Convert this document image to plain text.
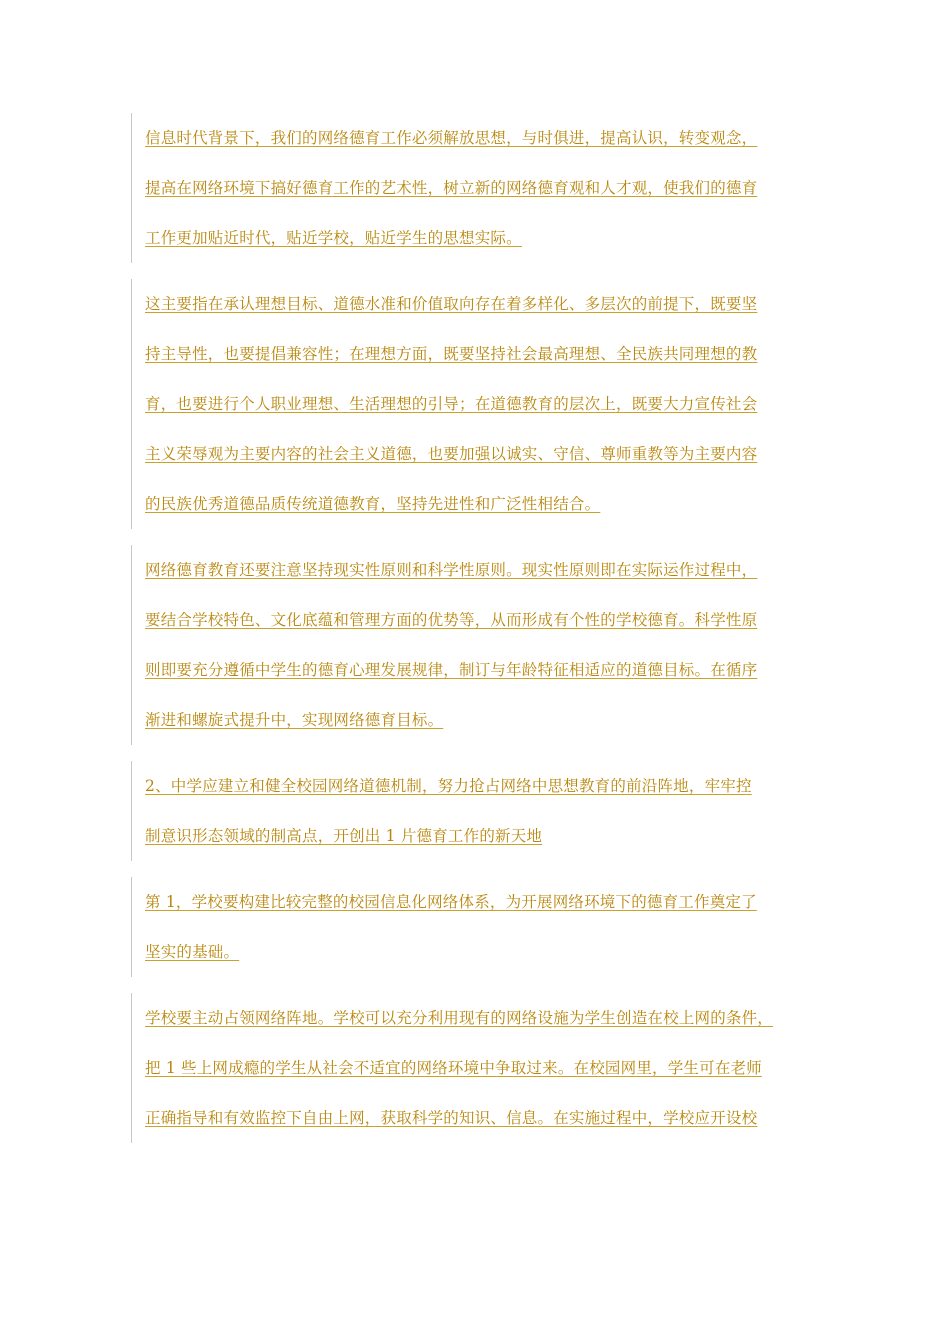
信息时代背景下，我们的网络德育工作必须解放思想，与时俱进，提高认识，转变观念，
提高在网络环境下搞好德育工作的艺术性，树立新的网络德育观和人才观，使我们的德育
工作更加贴近时代，贴近学校，贴近学生的思想实际。
这主要指在承认理想目标、道德水准和价值取向存在着多样化、多层次的前提下，既要坚
持主导性，也要提倡兼容性；在理想方面，既要坚持社会最高理想、全民族共同理想的教
育，也要进行个人职业理想、生活理想的引导；在道德教育的层次上，既要大力宣传社会
主义荣辱观为主要内容的社会主义道德，也要加强以诚实、守信、尊师重教等为主要内容
的民族优秀道德品质传统道德教育，坚持先进性和广泛性相结合。
网络德育教育还要注意坚持现实性原则和科学性原则。现实性原则即在实际运作过程中，
要结合学校特色、文化底蕴和管理方面的优势等，从而形成有个性的学校德育。科学性原
则即要充分遵循中学生的德育心理发展规律，制订与年龄特征相适应的道德目标。在循序
渐进和螺旋式提升中，实现网络德育目标。
2、中学应建立和健全校园网络道德机制，努力抢占网络中思想教育的前沿阵地，牢牢控
制意识形态领域的制高点，开创出 1 片德育工作的新天地
第 1，学校要构建比较完整的校园信息化网络体系，为开展网络环境下的德育工作奠定了
坚实的基础。
学校要主动占领网络阵地。学校可以充分利用现有的网络设施为学生创造在校上网的条件，
把 1 些上网成瘾的学生从社会不适宜的网络环境中争取过来。在校园网里，学生可在老师
正确指导和有效监控下自由上网，获取科学的知识、信息。在实施过程中，学校应开设校
